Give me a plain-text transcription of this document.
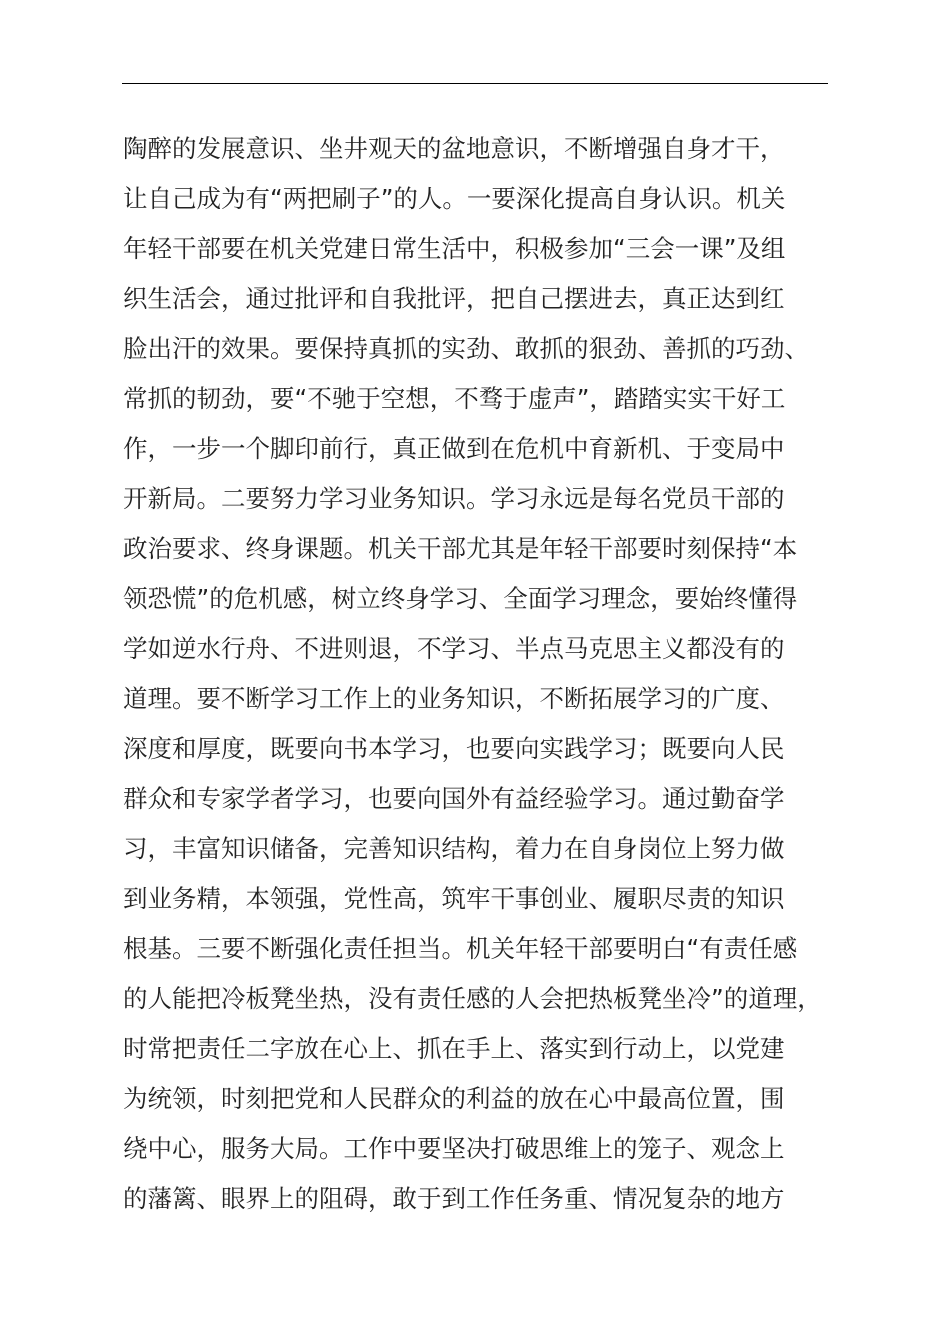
陶醉的发展意识、坐井观天的盆地意识，不断增强自身才干，
让自己成为有“两把刷子”的人。一要深化提高自身认识。机关
年轻干部要在机关党建日常生活中，积极参加“三会一课”及组
织生活会，通过批评和自我批评，把自己摆进去，真正达到红
脸出汗的效果。要保持真抓的实劲、敢抓的狠劲、善抓的巧劲、
常抓的韧劲，要“不驰于空想，不骛于虚声”，踏踏实实干好工
作，一步一个脚印前行，真正做到在危机中育新机、于变局中
开新局。二要努力学习业务知识。学习永远是每名党员干部的
政治要求、终身课题。机关干部尤其是年轻干部要时刻保持“本
领恐慌”的危机感，树立终身学习、全面学习理念，要始终懂得
学如逆水行舟、不进则退，不学习、半点马克思主义都没有的
道理。要不断学习工作上的业务知识，不断拓展学习的广度、
深度和厚度，既要向书本学习，也要向实践学习；既要向人民
群众和专家学者学习，也要向国外有益经验学习。通过勤奋学
习，丰富知识储备，完善知识结构，着力在自身岗位上努力做
到业务精，本领强，党性高，筑牢干事创业、履职尽责的知识
根基。三要不断强化责任担当。机关年轻干部要明白“有责任感
的人能把冷板凳坐热，没有责任感的人会把热板凳坐冷”的道理，
时常把责任二字放在心上、抓在手上、落实到行动上，以党建
为统领，时刻把党和人民群众的利益的放在心中最高位置，围
绕中心，服务大局。工作中要坚决打破思维上的笼子、观念上
的藩篱、眼界上的阻碍，敢于到工作任务重、情况复杂的地方
